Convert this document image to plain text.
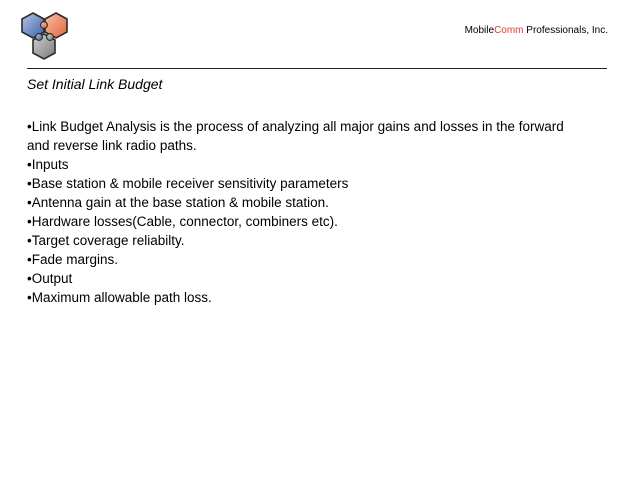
MobileComm Professionals, Inc.
Set Initial Link Budget
•Link Budget Analysis is the process of analyzing all major gains and losses in the forward and reverse link radio paths.
•Inputs
•Base station & mobile receiver sensitivity parameters
•Antenna gain at the base station & mobile station.
•Hardware losses(Cable, connector, combiners etc).
•Target coverage reliabilty.
•Fade margins.
•Output
•Maximum allowable path loss.
